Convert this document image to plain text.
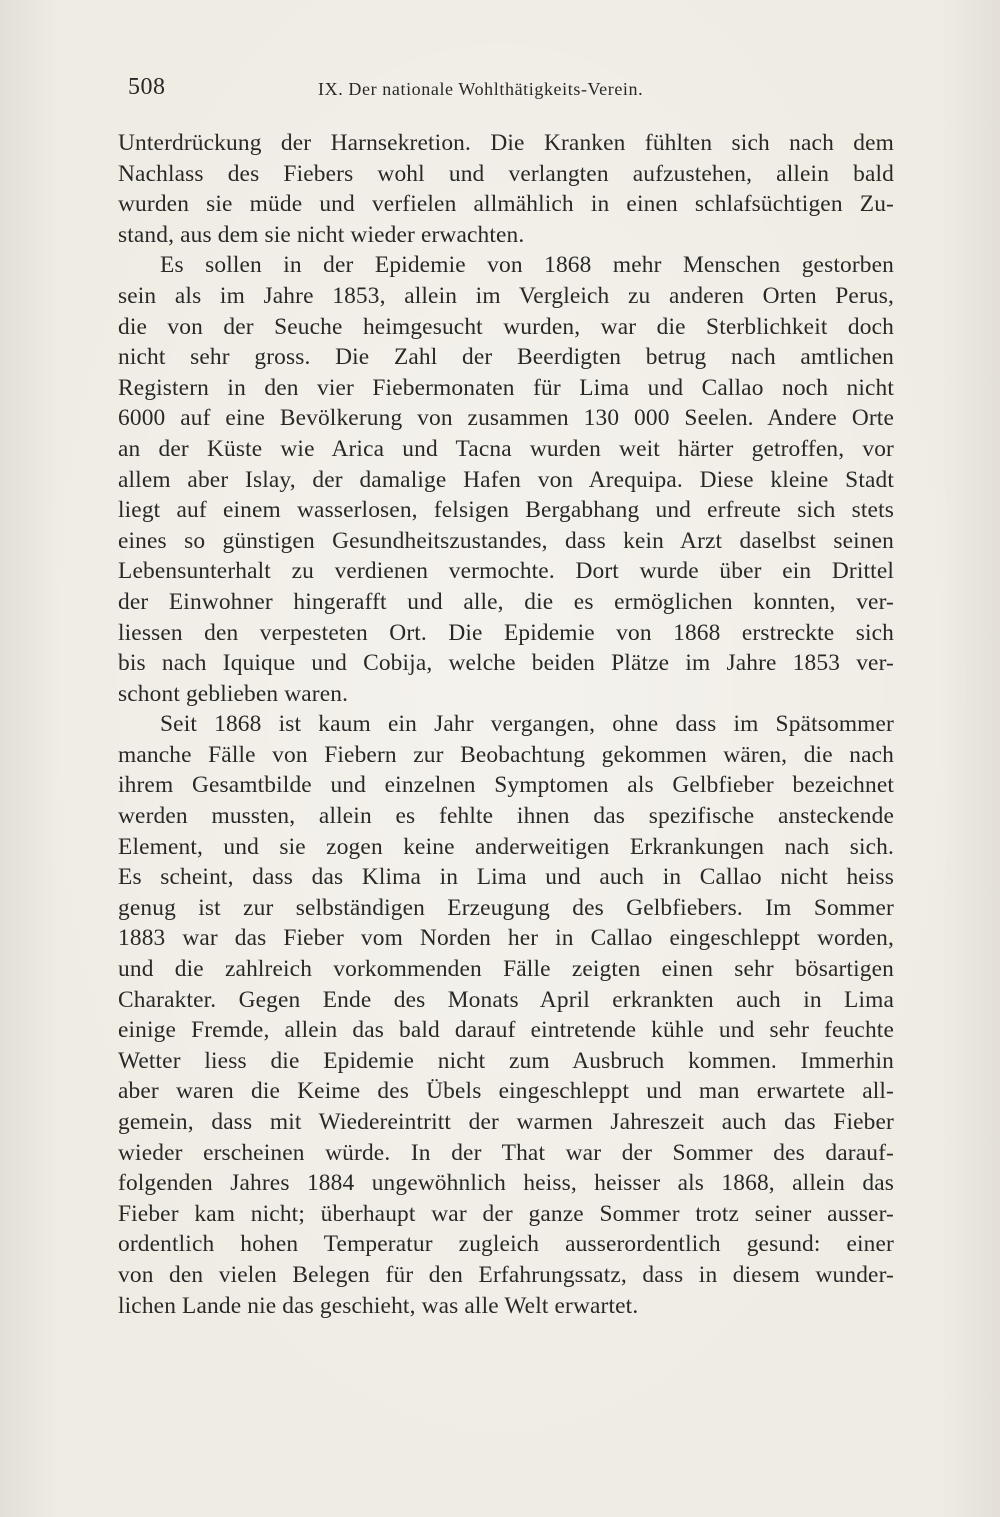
508	IX. Der nationale Wohlthätigkeits-Verein.
Unterdrückung der Harnsekretion. Die Kranken fühlten sich nach dem
Nachlass des Fiebers wohl und verlangten aufzustehen, allein bald
wurden sie müde und verfielen allmählich in einen schlafsüchtigen Zu-
stand, aus dem sie nicht wieder erwachten.
Es sollen in der Epidemie von 1868 mehr Menschen gestorben
sein als im Jahre 1853, allein im Vergleich zu anderen Orten Perus,
die von der Seuche heimgesucht wurden, war die Sterblichkeit doch
nicht sehr gross. Die Zahl der Beerdigten betrug nach amtlichen
Registern in den vier Fiebermonaten für Lima und Callao noch nicht
6000 auf eine Bevölkerung von zusammen 130 000 Seelen. Andere Orte
an der Küste wie Arica und Tacna wurden weit härter getroffen, vor
allem aber Islay, der damalige Hafen von Arequipa. Diese kleine Stadt
liegt auf einem wasserlosen, felsigen Bergabhang und erfreute sich stets
eines so günstigen Gesundheitszustandes, dass kein Arzt daselbst seinen
Lebensunterhalt zu verdienen vermochte. Dort wurde über ein Drittel
der Einwohner hingerafft und alle, die es ermöglichen konnten, ver-
liessen den verpesteten Ort. Die Epidemie von 1868 erstreckte sich
bis nach Iquique und Cobija, welche beiden Plätze im Jahre 1853 ver-
schont geblieben waren.
Seit 1868 ist kaum ein Jahr vergangen, ohne dass im Spätsommer
manche Fälle von Fiebern zur Beobachtung gekommen wären, die nach
ihrem Gesamtbilde und einzelnen Symptomen als Gelbfieber bezeichnet
werden mussten, allein es fehlte ihnen das spezifische ansteckende
Element, und sie zogen keine anderweitigen Erkrankungen nach sich.
Es scheint, dass das Klima in Lima und auch in Callao nicht heiss
genug ist zur selbständigen Erzeugung des Gelbfiebers. Im Sommer
1883 war das Fieber vom Norden her in Callao eingeschleppt worden,
und die zahlreich vorkommenden Fälle zeigten einen sehr bösartigen
Charakter. Gegen Ende des Monats April erkrankten auch in Lima
einige Fremde, allein das bald darauf eintretende kühle und sehr feuchte
Wetter liess die Epidemie nicht zum Ausbruch kommen. Immerhin
aber waren die Keime des Übels eingeschleppt und man erwartete all-
gemein, dass mit Wiedereintritt der warmen Jahreszeit auch das Fieber
wieder erscheinen würde. In der That war der Sommer des darauf-
folgenden Jahres 1884 ungewöhnlich heiss, heisser als 1868, allein das
Fieber kam nicht; überhaupt war der ganze Sommer trotz seiner ausser-
ordentlich hohen Temperatur zugleich ausserordentlich gesund: einer
von den vielen Belegen für den Erfahrungssatz, dass in diesem wunder-
lichen Lande nie das geschieht, was alle Welt erwartet.
